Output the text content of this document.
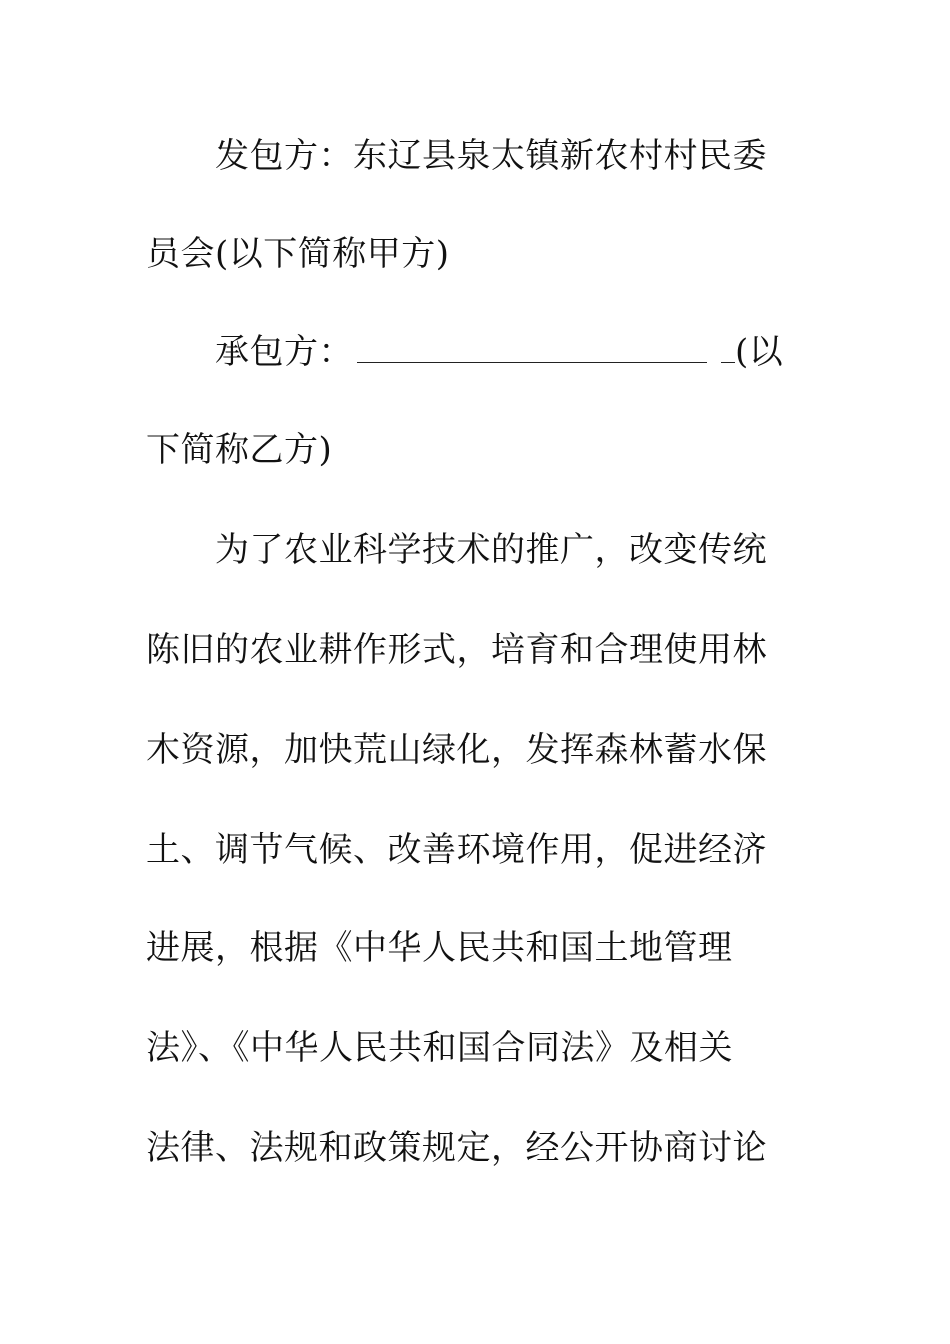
发包方：东辽县泉太镇新农村村民委
员会(以下简称甲方)
承包方：	(以
下简称乙方)
为了农业科学技术的推广，改变传统
陈旧的农业耕作形式，培育和合理使用林
木资源，加快荒山绿化，发挥森林蓄水保
土、调节气候、改善环境作用，促进经济
进展，根据《中华人民共和国土地管理
法》、《中华人民共和国合同法》及相关
法律、法规和政策规定，经公开协商讨论
